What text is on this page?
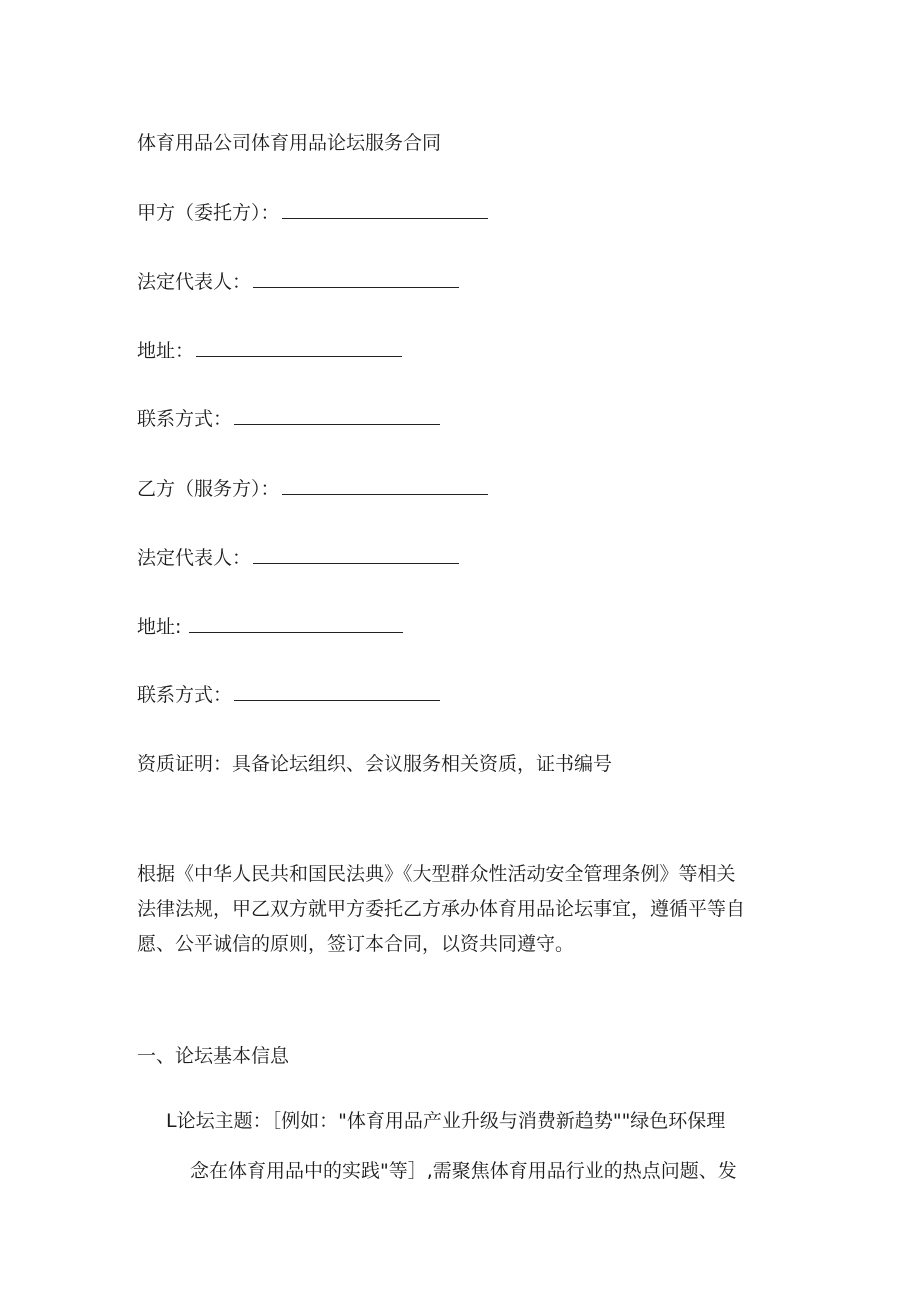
体育用品公司体育用品论坛服务合同
甲方（委托方）：
法定代表人：
地址：
联系方式：
乙方（服务方）：
法定代表人：
地址:
联系方式：
资质证明：具备论坛组织、会议服务相关资质，证书编号
根据《中华人民共和国民法典》《大型群众性活动安全管理条例》等相关
法律法规，甲乙双方就甲方委托乙方承办体育用品论坛事宜，遵循平等自
愿、公平诚信的原则，签订本合同，以资共同遵守。
一、论坛基本信息
L论坛主题：［例如："体育用品产业升级与消费新趋势""绿色环保理
念在体育用品中的实践"等］,需聚焦体育用品行业的热点问题、发
